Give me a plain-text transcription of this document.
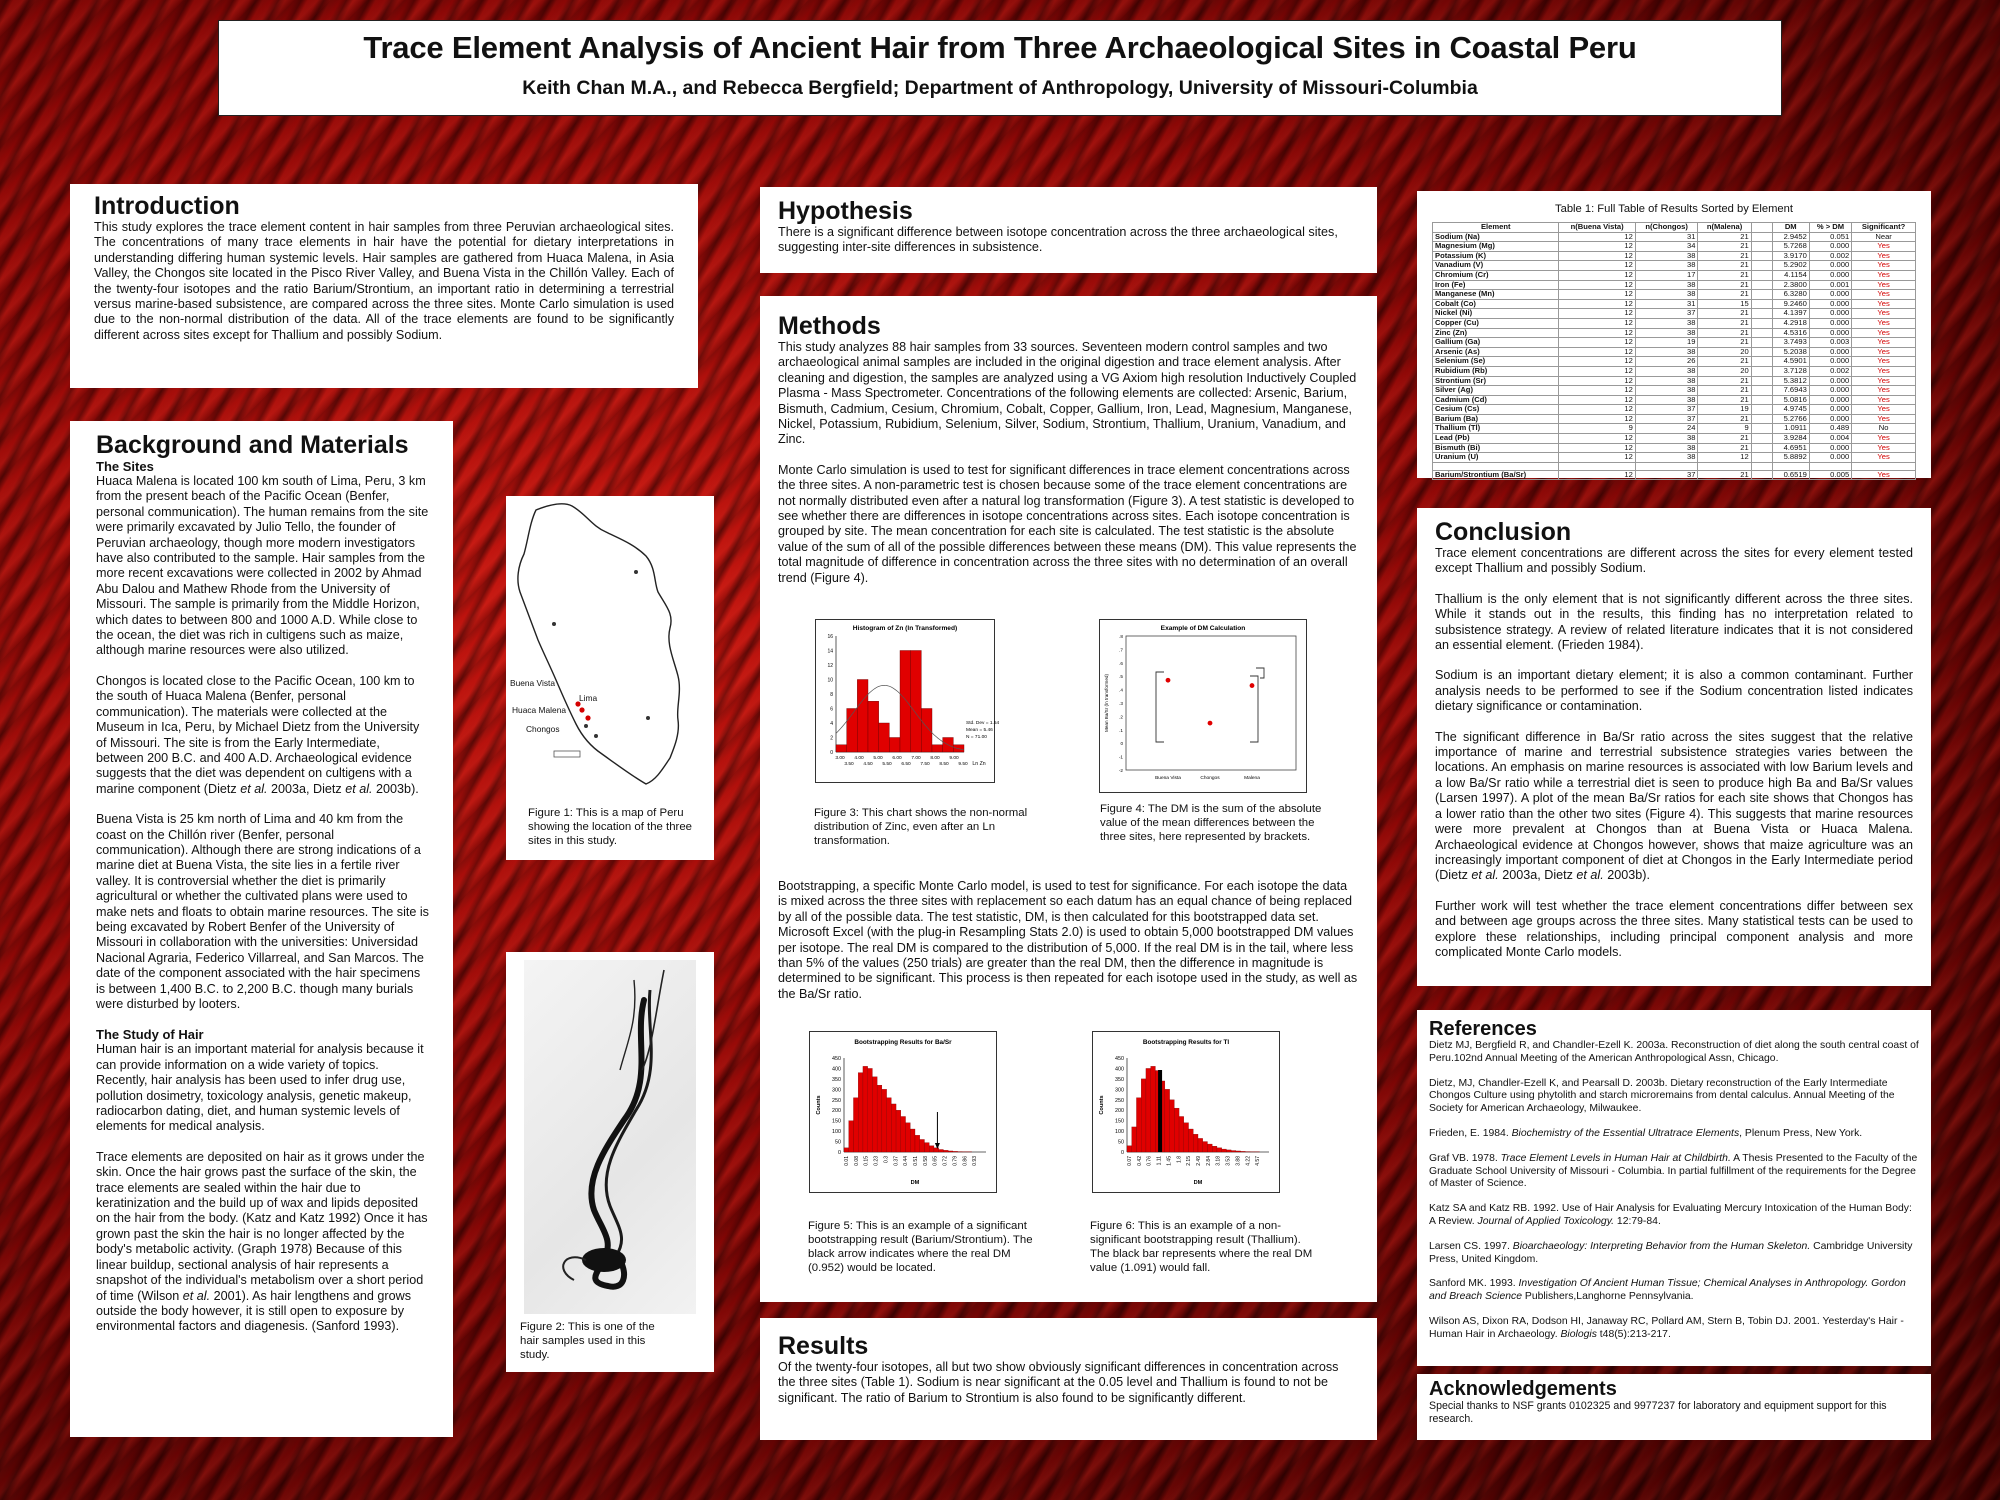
Trace Element Analysis of Ancient Hair from Three Archaeological Sites in Coastal Peru
Keith Chan M.A., and Rebecca Bergfield; Department of Anthropology, University of Missouri-Columbia
Introduction

This study explores the trace element content in hair samples from three Peruvian archaeological sites. The concentrations of many trace elements in hair have the potential for dietary interpretations in understanding differing human systemic levels. Hair samples are gathered from Huaca Malena, in Asia Valley, the Chongos site located in the Pisco River Valley, and Buena Vista in the Chillón Valley. Each of the twenty-four isotopes and the ratio Barium/Strontium, an important ratio in determining a terrestrial versus marine-based subsistence, are compared across the three sites. Monte Carlo simulation is used due to the non-normal distribution of the data. All of the trace elements are found to be significantly different across sites except for Thallium and possibly Sodium.

Background and Materials
The Sites

Huaca Malena is located 100 km south of Lima, Peru, 3 km from the present beach of the Pacific Ocean (Benfer, personal communication). The human remains from the site were primarily excavated by Julio Tello, the founder of Peruvian archaeology, though more modern investigators have also contributed to the sample. Hair samples from the more recent excavations were collected in 2002 by Ahmad Abu Dalou and Mathew Rhode from the University of Missouri. The sample is primarily from the Middle Horizon, which dates to between 800 and 1000 A.D. While close to the ocean, the diet was rich in cultigens such as maize, although marine resources were also utilized.

Chongos is located close to the Pacific Ocean, 100 km to the south of Huaca Malena (Benfer, personal communication). The materials were collected at the Museum in Ica, Peru, by Michael Dietz from the University of Missouri. The site is from the Early Intermediate, between 200 B.C. and 400 A.D. Archaeological evidence suggests that the diet was dependent on cultigens with a marine component (Dietz et al. 2003a, Dietz et al. 2003b).

Buena Vista is 25 km north of Lima and 40 km from the coast on the Chillón river (Benfer, personal communication). Although there are strong indications of a marine diet at Buena Vista, the site lies in a fertile river valley. It is controversial whether the diet is primarily agricultural or whether the cultivated plans were used to make nets and floats to obtain marine resources. The site is being excavated by Robert Benfer of the University of Missouri in collaboration with the universities: Universidad Nacional Agraria, Federico Villarreal, and San Marcos. The date of the component associated with the hair specimens is between 1,400 B.C. to 2,200 B.C. though many burials were disturbed by looters.

The Study of Hair

Human hair is an important material for analysis because it can provide information on a wide variety of topics. Recently, hair analysis has been used to infer drug use, pollution dosimetry, toxicology analysis, genetic makeup, radiocarbon dating, diet, and human systemic levels of elements for medical analysis.

Trace elements are deposited on hair as it grows under the skin. Once the hair grows past the surface of the skin, the trace elements are sealed within the hair due to keratinization and the build up of wax and lipids deposited on the hair from the body. (Katz and Katz 1992) Once it has grown past the skin the hair is no longer affected by the body's metabolic activity. (Graph 1978) Because of this linear buildup, sectional analysis of hair represents a snapshot of the individual's metabolism over a short period of time (Wilson et al. 2001). As hair lengthens and grows outside the body however, it is still open to exposure by environmental factors and diagenesis. (Sanford 1993).

Buena Vista
Lima
Huaca Malena
Chongos
Figure 1: This is a map of Peru showing the location of the three sites in this study.
Figure 2: This is one of the hair samples used in this study.
Hypothesis

There is a significant difference between isotope concentration across the three archaeological sites, suggesting inter-site differences in subsistence.

Methods

This study analyzes 88 hair samples from 33 sources. Seventeen modern control samples and two archaeological animal samples are included in the original digestion and trace element analysis. After cleaning and digestion, the samples are analyzed using a VG Axiom high resolution Inductively Coupled Plasma - Mass Spectrometer. Concentrations of the following elements are collected: Arsenic, Barium, Bismuth, Cadmium, Cesium, Chromium, Cobalt, Copper, Gallium, Iron, Lead, Magnesium, Manganese, Nickel, Potassium, Rubidium, Selenium, Silver, Sodium, Strontium, Thallium, Uranium, Vanadium, and Zinc.

Monte Carlo simulation is used to test for significant differences in trace element concentrations across the three sites. A non-parametric test is chosen because some of the trace element concentrations are not normally distributed even after a natural log transformation (Figure 3). A test statistic is developed to see whether there are differences in isotope concentrations across sites. Each isotope concentration is grouped by site. The mean concentration for each site is calculated. The test statistic is the absolute value of the sum of all of the possible differences between these means (DM). This value represents the total magnitude of difference in concentration across the three sites with no determination of an overall trend (Figure 4).

Histogram of Zn (ln Transformed)
0
2
4
6
8
10
12
14
16
3.00 4.00 5.00 6.00 7.00 8.00 9.00
3.50 4.50 5.50 6.50 7.50 8.50 9.50 Ln Zn
Std. Dev = 1.54
Mean = 5.46
N = 71.00
Figure 3: This chart shows the non-normal distribution of Zinc, even after an Ln transformation.
Example of DM Calculation
Mean Ba/Sr (ln transformed)
-2
-1
0
.1
.2
.3
.4
.5
.6
.7
.8
Buena Vista	Chongos	Malena
Figure 4: The DM is the sum of the absolute value of the mean differences between the three sites, here represented by brackets.

Bootstrapping, a specific Monte Carlo model, is used to test for significance. For each isotope the data is mixed across the three sites with replacement so each datum has an equal chance of being replaced by all of the possible data. The test statistic, DM, is then calculated for this bootstrapped data set. Microsoft Excel (with the plug-in Resampling Stats 2.0) is used to obtain 5,000 bootstrapped DM values per isotope. The real DM is compared to the distribution of 5,000. If the real DM is in the tail, where less than 5% of the values (250 trials) are greater than the real DM, then the difference in magnitude is determined to be significant. This process is then repeated for each isotope used in the study, as well as the Ba/Sr ratio.

Bootstrapping Results for Ba/Sr
0
50
100
150
200
250
300
350
400
450
Counts
0.01 0.08 0.15 0.23 0.3 0.37 0.44 0.51 0.58 0.65 0.72 0.79 0.86 0.93
DM
Figure 5: This is an example of a significant bootstrapping result (Barium/Strontium). The black arrow indicates where the real DM (0.952) would be located.
Bootstrapping Results for Tl
0
50
100
150
200
250
300
350
400
450
Counts
0.07 0.42 0.76 1.11 1.45 1.8 2.15 2.49 2.84 3.18 3.53 3.88 4.22 4.57
DM
Figure 6: This is an example of a non-significant bootstrapping result (Thallium). The black bar represents where the real DM value (1.091) would fall.
Results

Of the twenty-four isotopes, all but two show obviously significant differences in concentration across the three sites (Table 1). Sodium is near significant at the 0.05 level and Thallium is found to not be significant. The ratio of Barium to Strontium is also found to be significantly different.

Table 1: Full Table of Results Sorted by Element
Element	n(Buena Vista)	n(Chongos)	n(Malena)		DM	% > DM	Significant?
Sodium (Na)	12	31	21		2.9452	0.051	Near
Magnesium (Mg)	12	34	21		5.7268	0.000	Yes
Potassium (K)	12	38	21		3.9170	0.002	Yes
Vanadium (V)	12	38	21		5.2902	0.000	Yes
Chromium (Cr)	12	17	21		4.1154	0.000	Yes
Iron (Fe)	12	38	21		2.3800	0.001	Yes
Manganese (Mn)	12	38	21		6.3280	0.000	Yes
Cobalt (Co)	12	31	15		9.2460	0.000	Yes
Nickel (Ni)	12	37	21		4.1397	0.000	Yes
Copper (Cu)	12	38	21		4.2918	0.000	Yes
Zinc (Zn)	12	38	21		4.5316	0.000	Yes
Gallium (Ga)	12	19	21		3.7493	0.003	Yes
Arsenic (As)	12	38	20		5.2038	0.000	Yes
Selenium (Se)	12	26	21		4.5901	0.000	Yes
Rubidium (Rb)	12	38	20		3.7128	0.002	Yes
Strontium (Sr)	12	38	21		5.3812	0.000	Yes
Silver (Ag)	12	38	21		7.6943	0.000	Yes
Cadmium (Cd)	12	38	21		5.0816	0.000	Yes
Cesium (Cs)	12	37	19		4.9745	0.000	Yes
Barium (Ba)	12	37	21		5.2766	0.000	Yes
Thallium (Tl)	9	24	9		1.0911	0.489	No
Lead (Pb)	12	38	21		3.9284	0.004	Yes
Bismuth (Bi)	12	38	21		4.6951	0.000	Yes
Uranium (U)	12	38	12		5.8892	0.000	Yes

Barium/Strontium (Ba/Sr)	12	37	21		0.6519	0.005	Yes
Conclusion

Trace element concentrations are different across the sites for every element tested except Thallium and possibly Sodium.

Thallium is the only element that is not significantly different across the three sites. While it stands out in the results, this finding has no interpretation related to subsistence strategy. A review of related literature indicates that it is not considered an essential element. (Frieden 1984).

Sodium is an important dietary element; it is also a common contaminant. Further analysis needs to be performed to see if the Sodium concentration listed indicates dietary significance or contamination.

The significant difference in Ba/Sr ratio across the sites suggest that the relative importance of marine and terrestrial subsistence strategies varies between the locations. An emphasis on marine resources is associated with low Barium levels and a low Ba/Sr ratio while a terrestrial diet is seen to produce high Ba and Ba/Sr values (Larsen 1997). A plot of the mean Ba/Sr ratios for each site shows that Chongos has a lower ratio than the other two sites (Figure 4). This suggests that marine resources were more prevalent at Chongos than at Buena Vista or Huaca Malena. Archaeological evidence at Chongos however, shows that maize agriculture was an increasingly important component of diet at Chongos in the Early Intermediate period (Dietz et al. 2003a, Dietz et al. 2003b).

Further work will test whether the trace element concentrations differ between sex and between age groups across the three sites. Many statistical tests can be used to explore these relationships, including principal component analysis and more complicated Monte Carlo models.

References

Dietz MJ, Bergfield R, and Chandler-Ezell K. 2003a. Reconstruction of diet along the south central coast of Peru.102nd Annual Meeting of the American Anthropological Assn, Chicago.

Dietz, MJ, Chandler-Ezell K, and Pearsall D. 2003b. Dietary reconstruction of the Early Intermediate Chongos Culture using phytolith and starch microremains from dental calculus. Annual Meeting of the Society for American Archaeology, Milwaukee.

Frieden, E. 1984. Biochemistry of the Essential Ultratrace Elements, Plenum Press, New York.

Graf VB. 1978. Trace Element Levels in Human Hair at Childbirth. A Thesis Presented to the Faculty of the Graduate School University of Missouri - Columbia. In partial fulfillment of the requirements for the Degree of Master of Science.

Katz SA and Katz RB. 1992. Use of Hair Analysis for Evaluating Mercury Intoxication of the Human Body: A Review. Journal of Applied Toxicology. 12:79-84.

Larsen CS. 1997. Bioarchaeology: Interpreting Behavior from the Human Skeleton. Cambridge University Press, United Kingdom.

Sanford MK. 1993. Investigation Of Ancient Human Tissue; Chemical Analyses in Anthropology. Gordon and Breach Science Publishers,Langhorne Pennsylvania.

Wilson AS, Dixon RA, Dodson HI, Janaway RC, Pollard AM, Stern B, Tobin DJ. 2001. Yesterday's Hair - Human Hair in Archaeology. Biologis t48(5):213-217.

Acknowledgements

Special thanks to NSF grants 0102325 and 9977237 for laboratory and equipment support for this research.
